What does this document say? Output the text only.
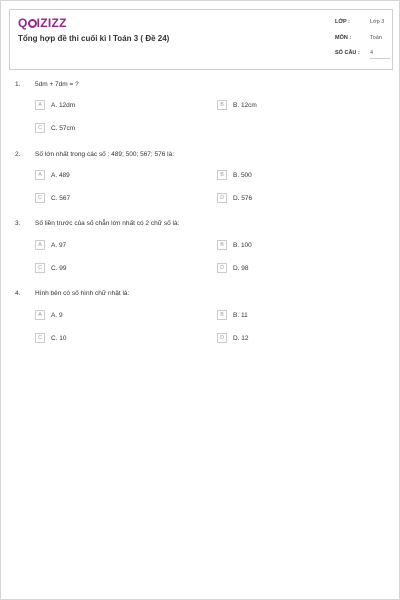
Q IZIZZ
Tổng hợp đề thi cuối kì I Toán 3 ( Đề 24)
LỚP :	Lớp 3
MÔN :	Toán
SỐ CÂU : 4
1. 5dm + 7dm = ?
A	A. 12dm	B	B. 12cm
C	C. 57cm
2. Số lớn nhất trong các số : 489; 500; 567; 576 là:
A	A. 489	B	B. 500
C	C. 567	D	D. 576
3. Số liền trước của số chẵn lớn nhất có 2 chữ số là:
A	A. 97	B	B. 100
C	C. 99	D	D. 98
4. Hình bên có số hình chữ nhật là:
A	A. 9	B	B. 11
C	C. 10	D	D. 12
